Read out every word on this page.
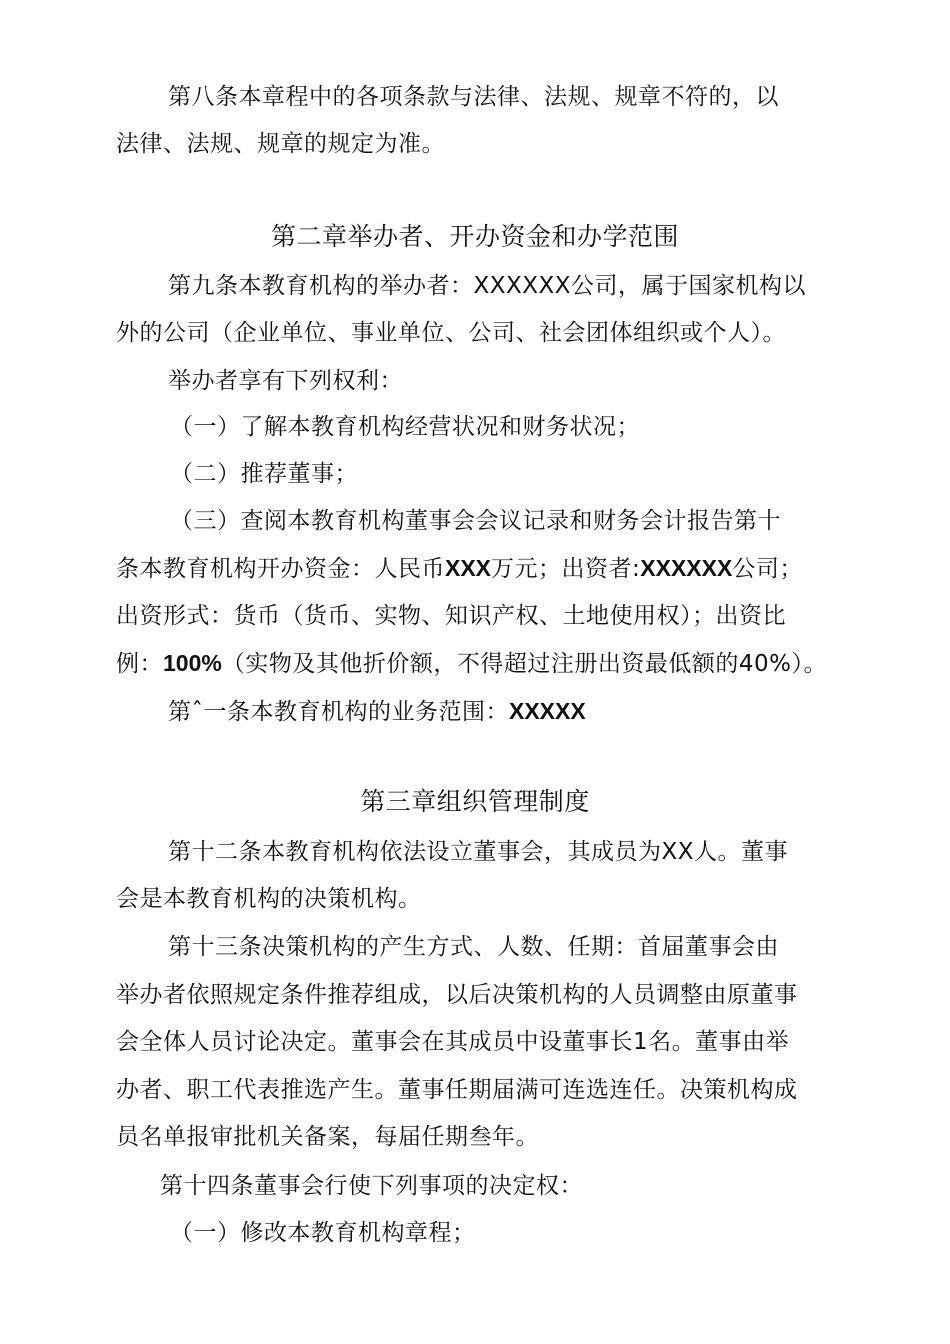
第八条本章程中的各项条款与法律、法规、规章不符的，以
法律、法规、规章的规定为准。
第二章举办者、开办资金和办学范围
第九条本教育机构的举办者：XXXXXX公司，属于国家机构以
外的公司（企业单位、事业单位、公司、社会团体组织或个人）。
举办者享有下列权利：
（一）了解本教育机构经营状况和财务状况；
（二）推荐董事；
（三）查阅本教育机构董事会会议记录和财务会计报告第十
条本教育机构开办资金：人民币XXX万元；出资者:XXXXXX公司；
出资形式：货币（货币、实物、知识产权、土地使用权）；出资比
例：100%（实物及其他折价额，不得超过注册出资最低额的40%）。
第ˆ一条本教育机构的业务范围：XXXXX
第三章组织管理制度
第十二条本教育机构依法设立董事会，其成员为XX人。董事
会是本教育机构的决策机构。
第十三条决策机构的产生方式、人数、任期：首届董事会由
举办者依照规定条件推荐组成，以后决策机构的人员调整由原董事
会全体人员讨论决定。董事会在其成员中设董事长1名。董事由举
办者、职工代表推选产生。董事任期届满可连选连任。决策机构成
员名单报审批机关备案，每届任期叁年。
第十四条董事会行使下列事项的决定权：
（一）修改本教育机构章程；
